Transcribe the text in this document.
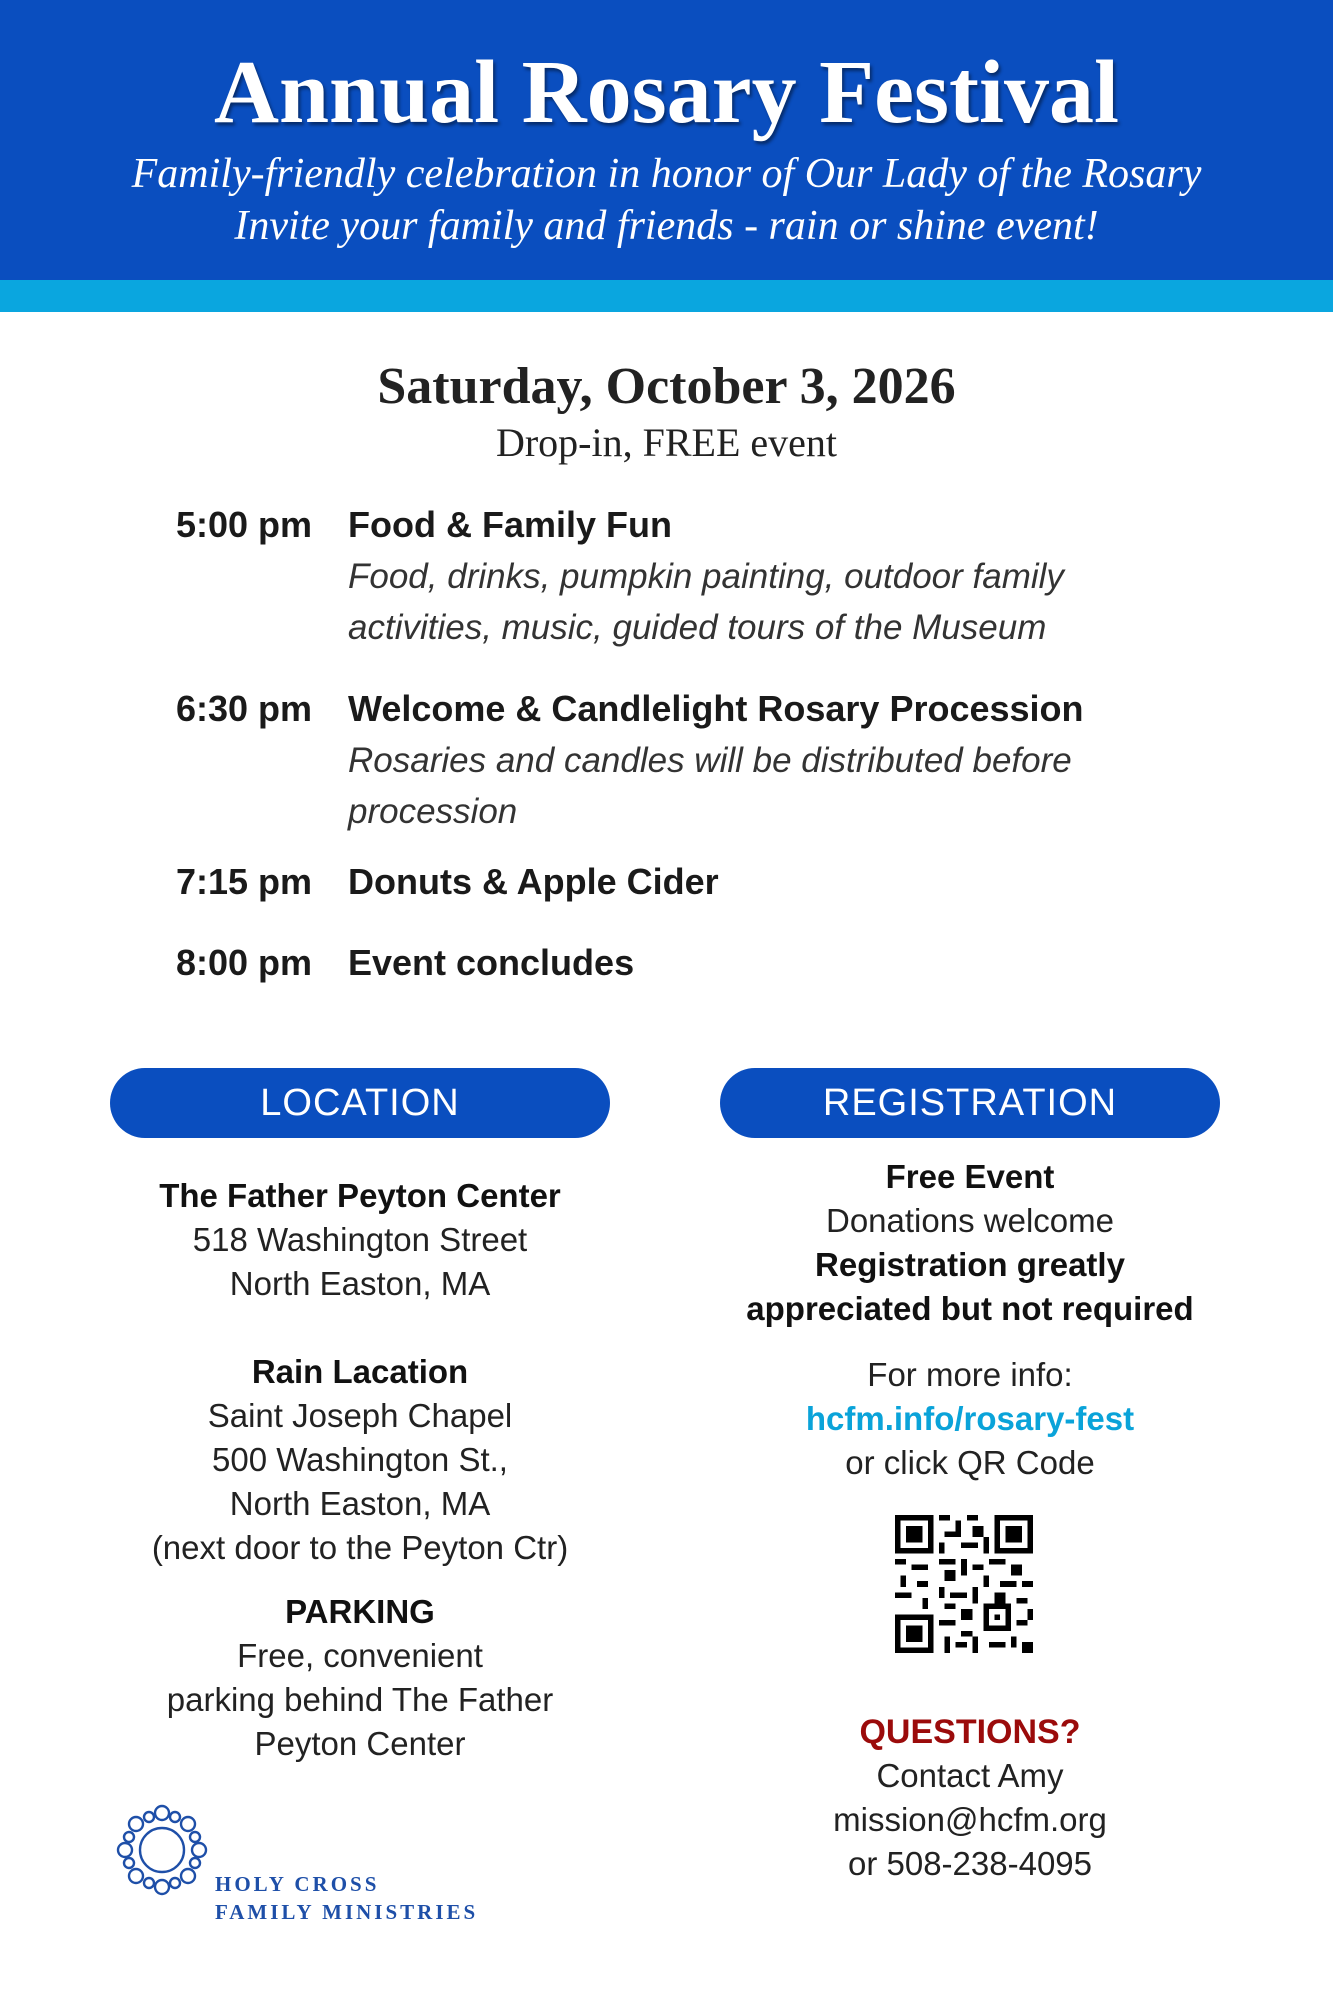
Annual Rosary Festival
Family-friendly celebration in honor of Our Lady of the Rosary
Invite your family and friends - rain or shine event!
Saturday, October 3, 2026
Drop-in, FREE event
5:00 pm Food & Family Fun
Food, drinks, pumpkin painting, outdoor family
activities, music, guided tours of the Museum
6:30 pm Welcome & Candlelight Rosary Procession
Rosaries and candles will be distributed before
procession
7:15 pm Donuts & Apple Cider
8:00 pm Event concludes
LOCATION	REGISTRATION
The Father Peyton Center
518 Washington Street
North Easton, MA
Rain Lacation
Saint Joseph Chapel
500 Washington St.,
North Easton, MA
(next door to the Peyton Ctr)
PARKING
Free, convenient
parking behind The Father
Peyton Center
Free Event
Donations welcome
Registration greatly
appreciated but not required
For more info:
hcfm.info/rosary-fest
or click QR Code
QUESTIONS?
Contact Amy
mission@hcfm.org
or 508-238-4095
HOLY CROSS
FAMILY MINISTRIES
